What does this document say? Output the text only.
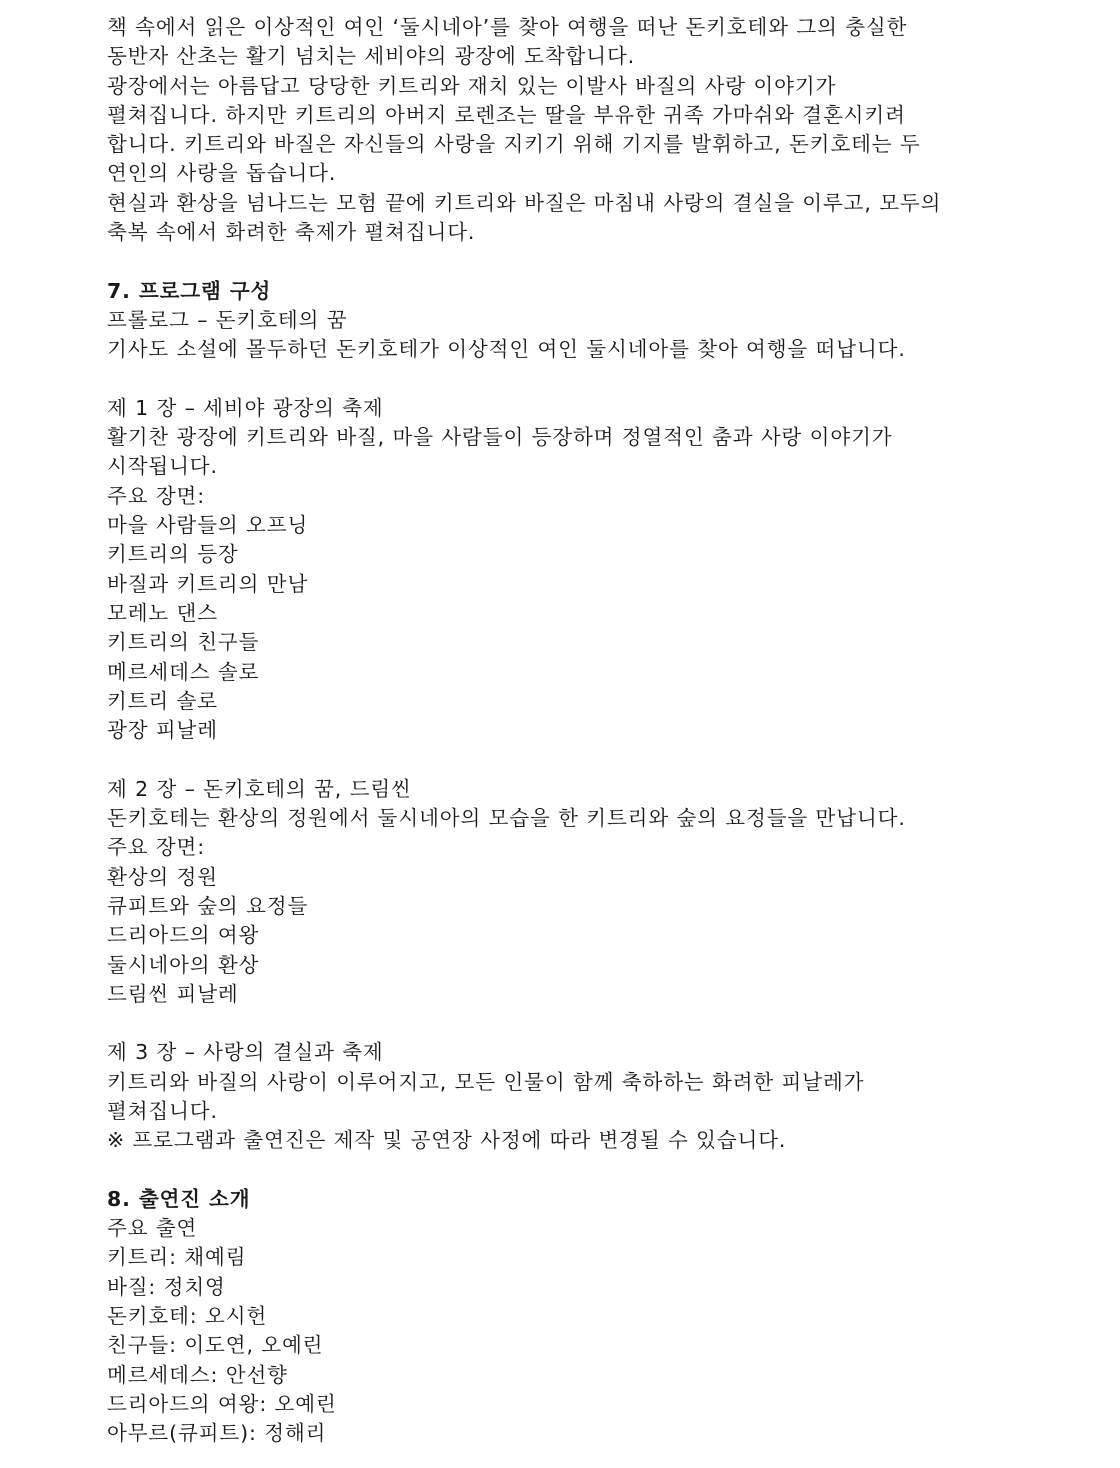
책 속에서 읽은 이상적인 여인 ‘둘시네아’를 찾아 여행을 떠난 돈키호테와 그의 충실한
동반자 산초는 활기 넘치는 세비야의 광장에 도착합니다.
광장에서는 아름답고 당당한 키트리와 재치 있는 이발사 바질의 사랑 이야기가
펼쳐집니다. 하지만 키트리의 아버지 로렌조는 딸을 부유한 귀족 가마쉬와 결혼시키려
합니다. 키트리와 바질은 자신들의 사랑을 지키기 위해 기지를 발휘하고, 돈키호테는 두
연인의 사랑을 돕습니다.
현실과 환상을 넘나드는 모험 끝에 키트리와 바질은 마침내 사랑의 결실을 이루고, 모두의
축복 속에서 화려한 축제가 펼쳐집니다.
7. 프로그램 구성
프롤로그 – 돈키호테의 꿈
기사도 소설에 몰두하던 돈키호테가 이상적인 여인 둘시네아를 찾아 여행을 떠납니다.
제 1 장 – 세비야 광장의 축제
활기찬 광장에 키트리와 바질, 마을 사람들이 등장하며 정열적인 춤과 사랑 이야기가
시작됩니다.
주요 장면:
마을 사람들의 오프닝
키트리의 등장
바질과 키트리의 만남
모레노 댄스
키트리의 친구들
메르세데스 솔로
키트리 솔로
광장 피날레
제 2 장 – 돈키호테의 꿈, 드림씬
돈키호테는 환상의 정원에서 둘시네아의 모습을 한 키트리와 숲의 요정들을 만납니다.
주요 장면:
환상의 정원
큐피트와 숲의 요정들
드리아드의 여왕
둘시네아의 환상
드림씬 피날레
제 3 장 – 사랑의 결실과 축제
키트리와 바질의 사랑이 이루어지고, 모든 인물이 함께 축하하는 화려한 피날레가
펼쳐집니다.
※ 프로그램과 출연진은 제작 및 공연장 사정에 따라 변경될 수 있습니다.
8. 출연진 소개
주요 출연
키트리: 채예림
바질: 정치영
돈키호테: 오시헌
친구들: 이도연, 오예린
메르세데스: 안선향
드리아드의 여왕: 오예린
아무르(큐피트): 정해리
